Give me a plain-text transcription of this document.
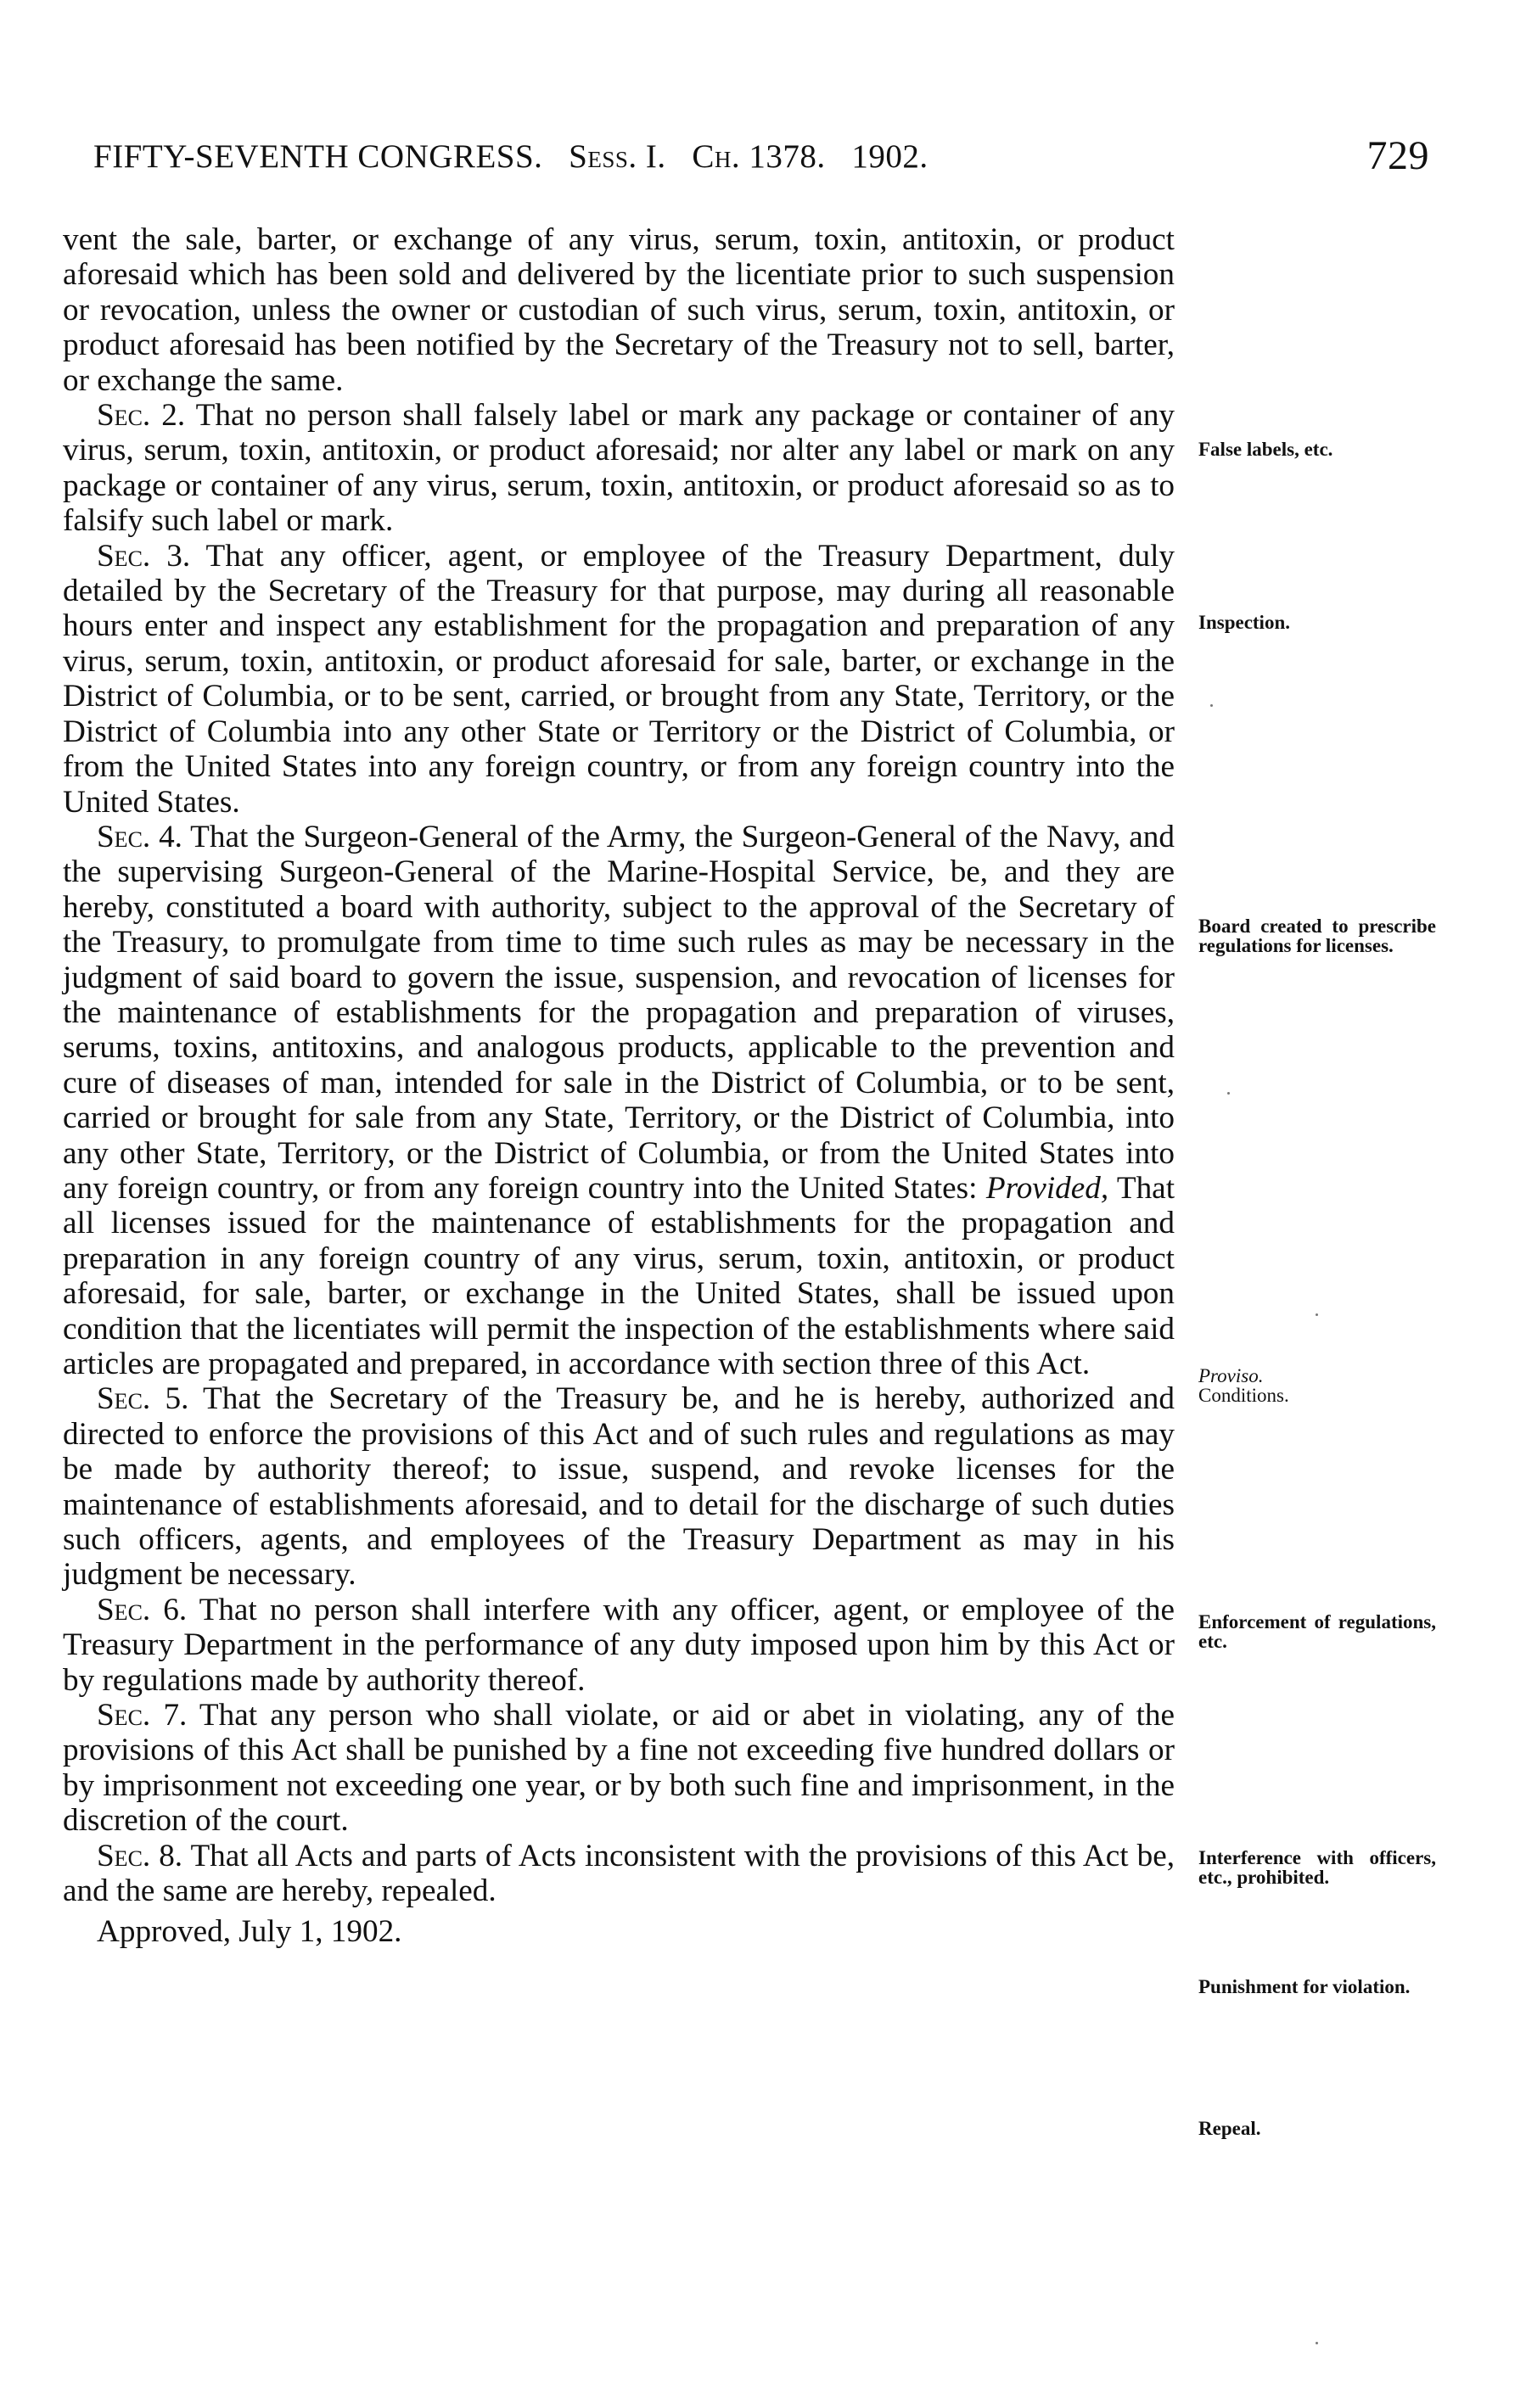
FIFTY-SEVENTH CONGRESS. Sess. I. Ch. 1378. 1902.	729

vent the sale, barter, or exchange of any virus, serum, toxin, antitoxin, or product aforesaid which has been sold and delivered by the licentiate prior to such suspension or revocation, unless the owner or custodian of such virus, serum, toxin, antitoxin, or product aforesaid has been notified by the Secretary of the Treasury not to sell, barter, or exchange the same.

Sec. 2. That no person shall falsely label or mark any package or container of any virus, serum, toxin, antitoxin, or product aforesaid; nor alter any label or mark on any package or container of any virus, serum, toxin, antitoxin, or product aforesaid so as to falsify such label or mark.

Sec. 3. That any officer, agent, or employee of the Treasury Department, duly detailed by the Secretary of the Treasury for that purpose, may during all reasonable hours enter and inspect any establishment for the propagation and preparation of any virus, serum, toxin, antitoxin, or product aforesaid for sale, barter, or exchange in the District of Columbia, or to be sent, carried, or brought from any State, Territory, or the District of Columbia into any other State or Territory or the District of Columbia, or from the United States into any foreign country, or from any foreign country into the United States.

Sec. 4. That the Surgeon-General of the Army, the Surgeon-General of the Navy, and the supervising Surgeon-General of the Marine-Hospital Service, be, and they are hereby, constituted a board with authority, subject to the approval of the Secretary of the Treasury, to promulgate from time to time such rules as may be necessary in the judgment of said board to govern the issue, suspension, and revocation of licenses for the maintenance of establishments for the propagation and preparation of viruses, serums, toxins, antitoxins, and analogous products, applicable to the prevention and cure of diseases of man, intended for sale in the District of Columbia, or to be sent, carried or brought for sale from any State, Territory, or the District of Columbia, into any other State, Territory, or the District of Columbia, or from the United States into any foreign country, or from any foreign country into the United States: Provided, That all licenses issued for the maintenance of establishments for the propagation and preparation in any foreign country of any virus, serum, toxin, antitoxin, or product aforesaid, for sale, barter, or exchange in the United States, shall be issued upon condition that the licentiates will permit the inspection of the establishments where said articles are propagated and prepared, in accordance with section three of this Act.

Sec. 5. That the Secretary of the Treasury be, and he is hereby, authorized and directed to enforce the provisions of this Act and of such rules and regulations as may be made by authority thereof; to issue, suspend, and revoke licenses for the maintenance of establishments aforesaid, and to detail for the discharge of such duties such officers, agents, and employees of the Treasury Department as may in his judgment be necessary.

Sec. 6. That no person shall interfere with any officer, agent, or employee of the Treasury Department in the performance of any duty imposed upon him by this Act or by regulations made by authority thereof.

Sec. 7. That any person who shall violate, or aid or abet in violating, any of the provisions of this Act shall be punished by a fine not exceeding five hundred dollars or by imprisonment not exceeding one year, or by both such fine and imprisonment, in the discretion of the court.

Sec. 8. That all Acts and parts of Acts inconsistent with the provisions of this Act be, and the same are hereby, repealed.

Approved, July 1, 1902.

False labels, etc.
Inspection.
Board created to prescribe regulations for licenses.
Proviso.
Conditions.
Enforcement of regulations, etc.
Interference with officers, etc., prohibited.
Punishment for violation.
Repeal.
